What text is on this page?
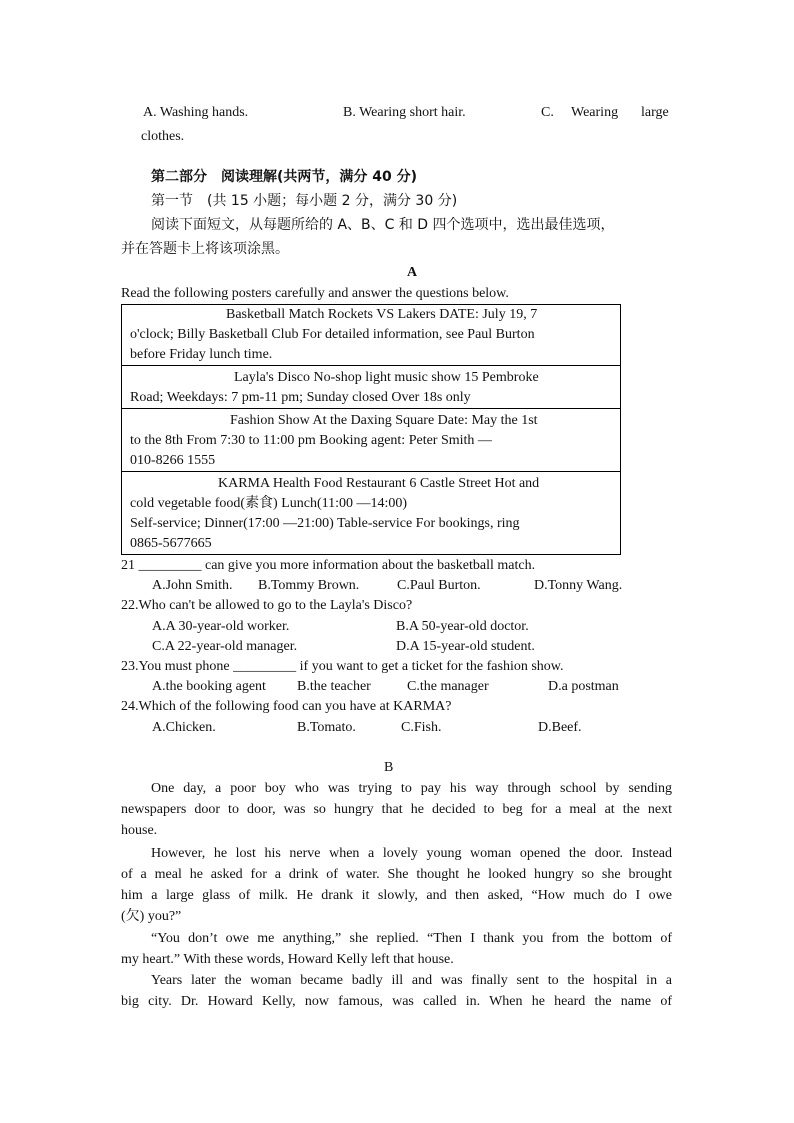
A. Washing hands.	B. Wearing short hair.	C. Wearing large
clothes.
第二部分　阅读理解(共两节，满分 40 分)
第一节　(共 15 小题；每小题 2 分，满分 30 分)
阅读下面短文，从每题所给的 A、B、C 和 D 四个选项中，选出最佳选项，
并在答题卡上将该项涂黑。
A
Read the following posters carefully and answer the questions below.
Basketball Match Rockets VS Lakers DATE: July 19, 7
o'clock; Billy Basketball Club For detailed information, see Paul Burton
before Friday lunch time.
Layla's Disco No-shop light music show 15 Pembroke
Road; Weekdays: 7 pm-11 pm; Sunday closed Over 18s only
Fashion Show At the Daxing Square Date: May the 1st
to the 8th From 7:30 to 11:00 pm Booking agent: Peter Smith —
010-8266 1555
KARMA Health Food Restaurant 6 Castle Street Hot and
cold vegetable food(素食) Lunch(11:00 —14:00)
Self-service; Dinner(17:00 —21:00) Table-service For bookings, ring
0865-5677665
21 _________ can give you more information about the basketball match.
A.John Smith. B.Tommy Brown.	C.Paul Burton.	D.Tonny Wang.
22.Who can't be allowed to go to the Layla's Disco?
A.A 30-year-old worker.	B.A 50-year-old doctor.
C.A 22-year-old manager.	D.A 15-year-old student.
23.You must phone _________ if you want to get a ticket for the fashion show.
A.the booking agent B.the teacher	C.the manager	D.a postman
24.Which of the following food can you have at KARMA?
A.Chicken.	B.Tomato.	C.Fish.	D.Beef.
B
One day, a poor boy who was trying to pay his way through school by sending
newspapers door to door, was so hungry that he decided to beg for a meal at the next
house.
However, he lost his nerve when a lovely young woman opened the door. Instead
of a meal he asked for a drink of water. She thought he looked hungry so she brought
him a large glass of milk. He drank it slowly, and then asked, “How much do I owe
(欠) you?”
“You don’t owe me anything,” she replied. “Then I thank you from the bottom of
my heart.” With these words, Howard Kelly left that house.
Years later the woman became badly ill and was finally sent to the hospital in a
big city. Dr. Howard Kelly, now famous, was called in. When he heard the name of
